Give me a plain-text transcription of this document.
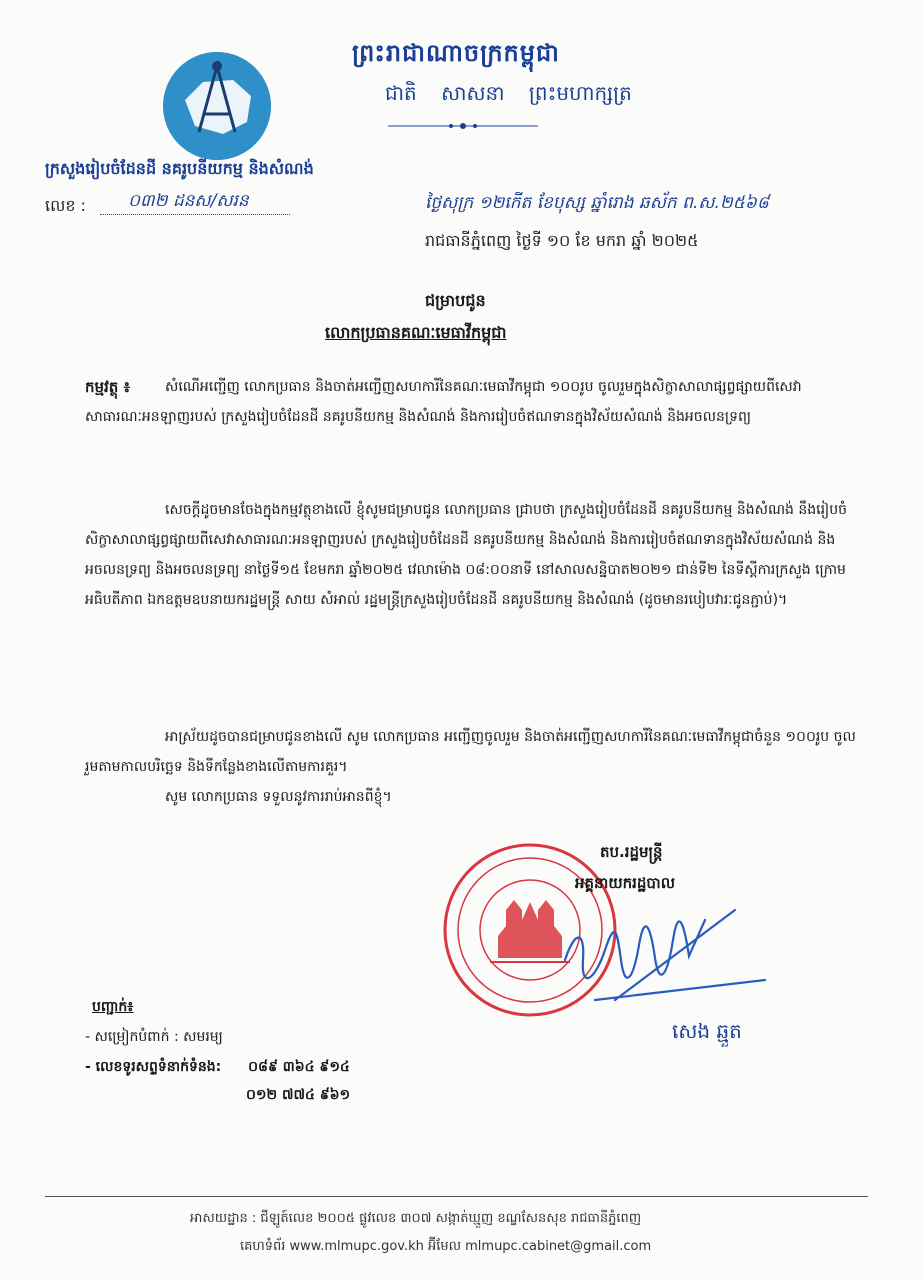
ព្រះរាជាណាចក្រកម្ពុជា
ជាតិ សាសនា ព្រះមហាក្សត្រ
ក្រសួងរៀបចំដែនដី នគរូបនីយកម្ម និងសំណង់
លេខ : ០៣២ ដនស/សរន	ថ្ងៃសុក្រ ១២កើត ខែបុស្ស ឆ្នាំរោង ឆស័ក ព.ស.២៥៦៨
រាជធានីភ្នំពេញ ថ្ងៃទី ១០ ខែ មករា ឆ្នាំ ២០២៥
ជម្រាបជូន
លោកប្រធានគណៈមេធាវីកម្ពុជា
កម្មវត្ថុ ៖	សំណើអញ្ជើញ លោកប្រធាន និងចាត់អញ្ជើញសហការីនៃគណៈមេធាវីកម្ពុជា ១០០រូប ចូលរួមក្នុងសិក្ខាសាលាផ្សព្វផ្សាយពីសេវាសាធារណៈអនឡាញរបស់ ក្រសួងរៀបចំដែនដី នគរូបនីយកម្ម និងសំណង់ និងការរៀបចំឥណទានក្នុងវិស័យសំណង់ និងអចលនទ្រព្យ

សេចក្តីដូចមានចែងក្នុងកម្មវត្ថុខាងលើ ខ្ញុំសូមជម្រាបជូន លោកប្រធាន ជ្រាបថា ក្រសួងរៀបចំដែនដី នគរូបនីយកម្ម និងសំណង់ នឹងរៀបចំសិក្ខាសាលាផ្សព្វផ្សាយពីសេវាសាធារណៈអនឡាញរបស់ ក្រសួងរៀបចំដែនដី នគរូបនីយកម្ម និងសំណង់ និងការរៀបចំឥណទានក្នុងវិស័យសំណង់ និងអចលនទ្រព្យ និងអចលនទ្រព្យ នាថ្ងៃទី១៥ ខែមករា ឆ្នាំ២០២៥ វេលាម៉ោង ០៨:០០នាទី នៅសាលសន្និបាត២០២១ ជាន់ទី២ នៃទីស្តីការក្រសួង ក្រោមអធិបតីភាព ឯកឧត្តមឧបនាយករដ្ឋមន្ត្រី សាយ សំអាល់ រដ្ឋមន្ត្រីក្រសួងរៀបចំដែនដី នគរូបនីយកម្ម និងសំណង់ (ដូចមានរបៀបវារៈជូនភ្ជាប់)។

អាស្រ័យដូចបានជម្រាបជូនខាងលើ សូម លោកប្រធាន អញ្ជើញចូលរួម និងចាត់អញ្ជើញសហការីនៃគណៈមេធាវីកម្ពុជាចំនួន ១០០រូប ចូលរួមតាមកាលបរិច្ឆេទ និងទីកន្លែងខាងលើតាមការគួរ។

សូម លោកប្រធាន ទទួលនូវការរាប់អានពីខ្ញុំ។

តប.រដ្ឋមន្ត្រី
អគ្គនាយករដ្ឋបាល
សេង ឆ្មួត
បញ្ជាក់៖
- សម្រៀកបំពាក់ : សមរម្យ
- លេខទូរសព្ទទំនាក់ទំនង: ០៨៩ ៣៦៤ ៩១៤
០១២ ៧៧៤ ៩៦១
អាសយដ្ឋាន : ជីឡូត៍លេខ ២០០៥ ផ្លូវលេខ ៣០៧ សង្កាត់ឃ្មួញ ខណ្ឌសែនសុខ រាជធានីភ្នំពេញ
គេហទំព័រ www.mlmupc.gov.kh អ៊ីមែល mlmupc.cabinet@gmail.com
